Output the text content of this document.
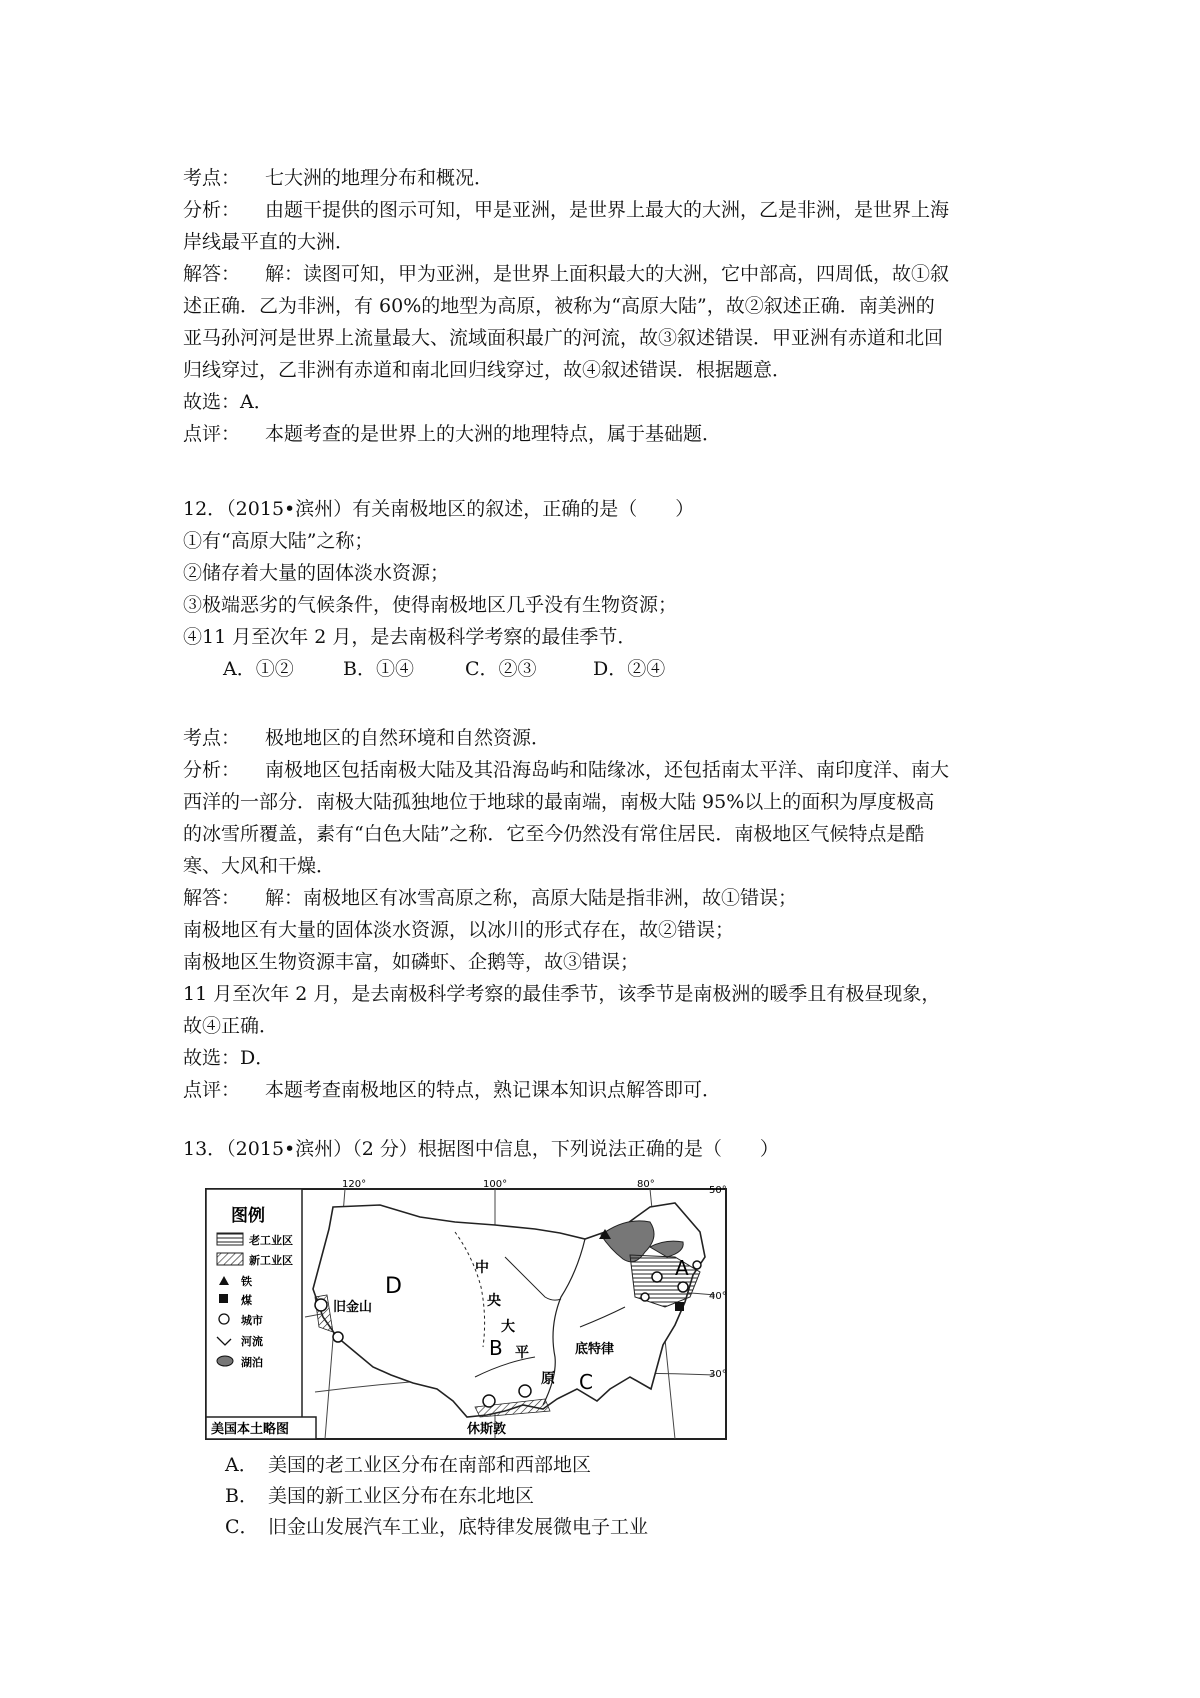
考点： 七大洲的地理分布和概况．
分析： 由题干提供的图示可知，甲是亚洲，是世界上最大的大洲，乙是非洲，是世界上海
岸线最平直的大洲．
解答： 解：读图可知，甲为亚洲，是世界上面积最大的大洲，它中部高，四周低，故①叙
述正确．乙为非洲，有 60%的地型为高原，被称为“高原大陆”，故②叙述正确．南美洲的
亚马孙河河是世界上流量最大、流域面积最广的河流，故③叙述错误．甲亚洲有赤道和北回
归线穿过，乙非洲有赤道和南北回归线穿过，故④叙述错误．根据题意．
故选：A．
点评： 本题考查的是世界上的大洲的地理特点，属于基础题．
12．（2015•滨州）有关南极地区的叙述，正确的是（　　）
①有“高原大陆”之称；
②储存着大量的固体淡水资源；
③极端恶劣的气候条件，使得南极地区几乎没有生物资源；
④11 月至次年 2 月，是去南极科学考察的最佳季节．
A．①②	B．①④	C．②③	D．②④
考点： 极地地区的自然环境和自然资源．
分析： 南极地区包括南极大陆及其沿海岛屿和陆缘冰，还包括南太平洋、南印度洋、南大
西洋的一部分．南极大陆孤独地位于地球的最南端，南极大陆 95%以上的面积为厚度极高
的冰雪所覆盖，素有“白色大陆”之称．它至今仍然没有常住居民．南极地区气候特点是酷
寒、大风和干燥．
解答： 解：南极地区有冰雪高原之称，高原大陆是指非洲，故①错误；
南极地区有大量的固体淡水资源，以冰川的形式存在，故②错误；
南极地区生物资源丰富，如磷虾、企鹅等，故③错误；
11 月至次年 2 月，是去南极科学考察的最佳季节，该季节是南极洲的暖季且有极昼现象，
故④正确．
故选：D．
点评： 本题考查南极地区的特点，熟记课本知识点解答即可．
13．（2015•滨州）（2 分）根据图中信息，下列说法正确的是（　　）
图例
老工业区
新工业区
铁
煤
城市
河流
湖泊
美国本土略图
120°	100°	80°
50°
40°
30°
A
B
C
D
中
央
大
平
原
旧金山
底特律
休斯敦
A． 美国的老工业区分布在南部和西部地区
B． 美国的新工业区分布在东北地区
C． 旧金山发展汽车工业，底特律发展微电子工业
